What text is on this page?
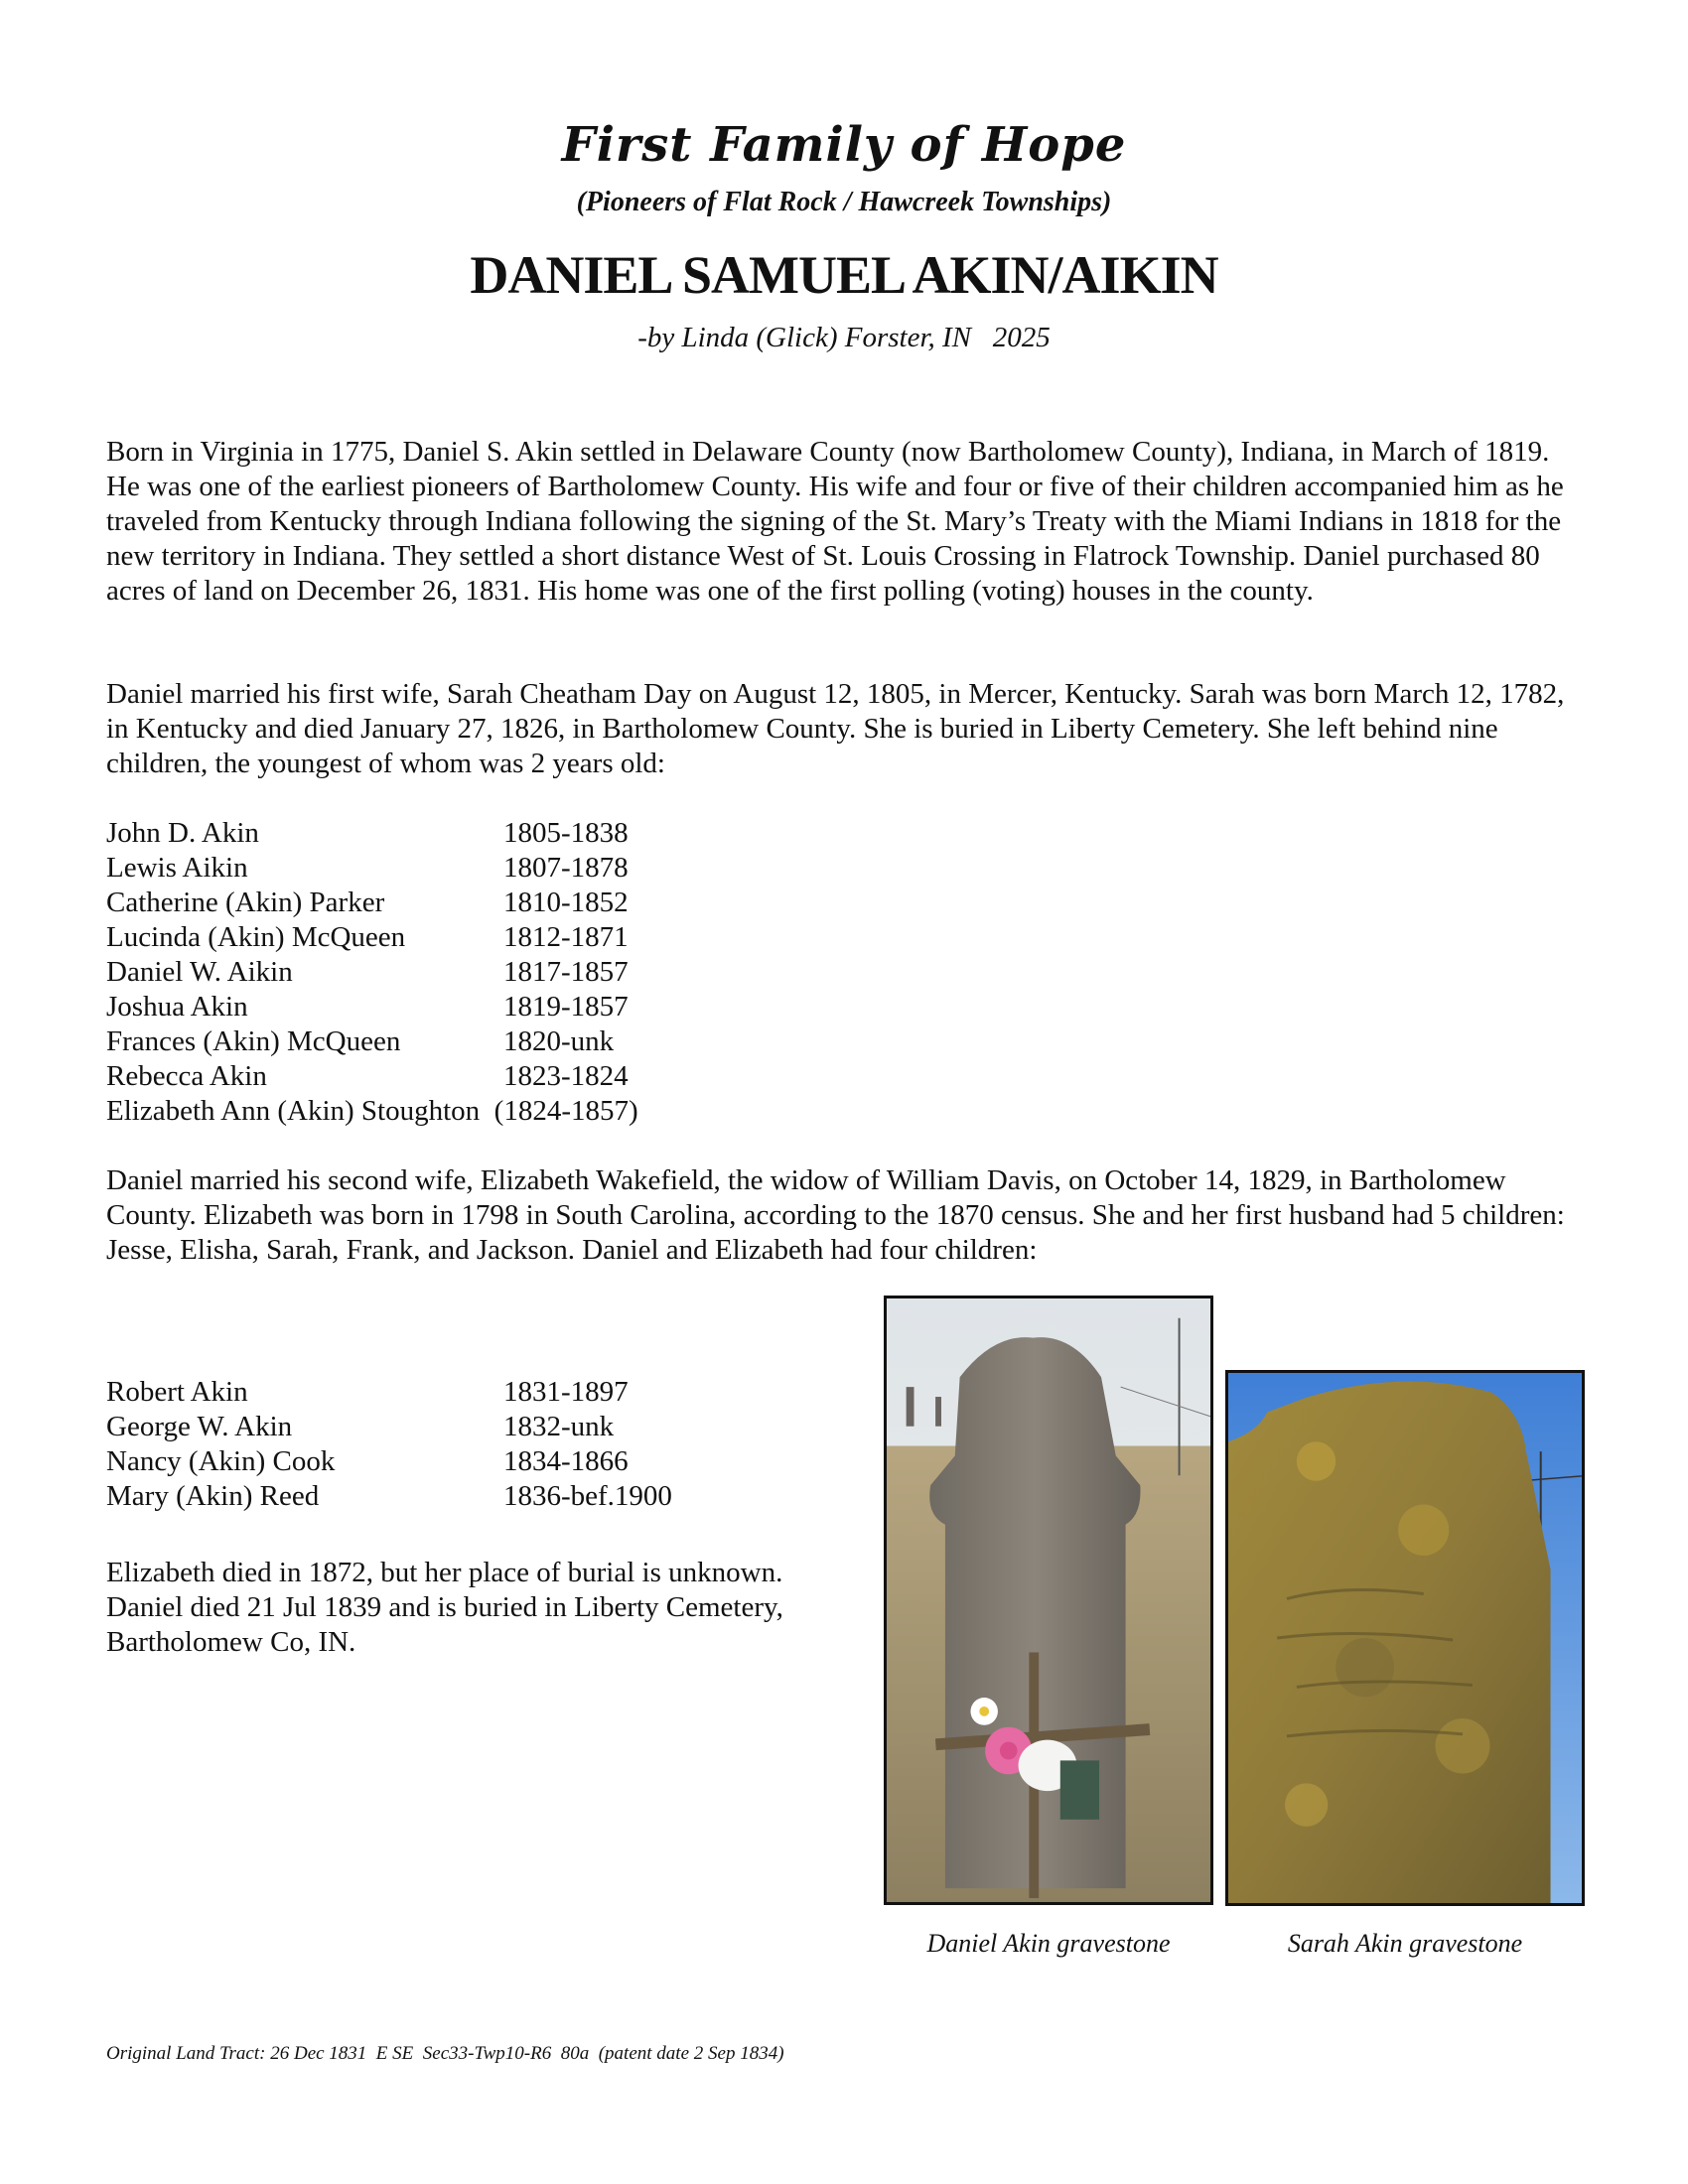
First Family of Hope
(Pioneers of Flat Rock / Hawcreek Townships)
DANIEL SAMUEL AKIN/AIKIN
-by Linda (Glick) Forster, IN   2025

Born in Virginia in 1775, Daniel S. Akin settled in Delaware County (now Bartholomew County), Indiana, in March of 1819. He was one of the earliest pioneers of Bartholomew County. His wife and four or five of their children accompanied him as he traveled from Kentucky through Indiana following the signing of the St. Mary’s Treaty with the Miami Indians in 1818 for the new territory in Indiana. They settled a short distance West of St. Louis Crossing in Flatrock Township. Daniel purchased 80 acres of land on December 26, 1831. His home was one of the first polling (voting) houses in the county.

Daniel married his first wife, Sarah Cheatham Day on August 12, 1805, in Mercer, Kentucky. Sarah was born March 12, 1782, in Kentucky and died January 27, 1826, in Bartholomew County. She is buried in Liberty Cemetery. She left behind nine children, the youngest of whom was 2 years old:

John D. Akin	1805-1838
Lewis Aikin	1807-1878
Catherine (Akin) Parker	1810-1852
Lucinda (Akin) McQueen	1812-1871
Daniel W. Aikin	1817-1857
Joshua Akin	1819-1857
Frances (Akin) McQueen	1820-unk
Rebecca Akin	1823-1824
Elizabeth Ann (Akin) Stoughton (1824-1857)

Daniel married his second wife, Elizabeth Wakefield, the widow of William Davis, on October 14, 1829, in Bartholomew County. Elizabeth was born in 1798 in South Carolina, according to the 1870 census. She and her first husband had 5 children: Jesse, Elisha, Sarah, Frank, and Jackson. Daniel and Elizabeth had four children:

Robert Akin	1831-1897
George W. Akin	1832-unk
Nancy (Akin) Cook	1834-1866
Mary (Akin) Reed	1836-bef.1900

Elizabeth died in 1872, but her place of burial is unknown. Daniel died 21 Jul 1839 and is buried in Liberty Cemetery, Bartholomew Co, IN.

Daniel Akin gravestone	Sarah Akin gravestone
Original Land Tract: 26 Dec 1831  E SE  Sec33-Twp10-R6  80a  (patent date 2 Sep 1834)
